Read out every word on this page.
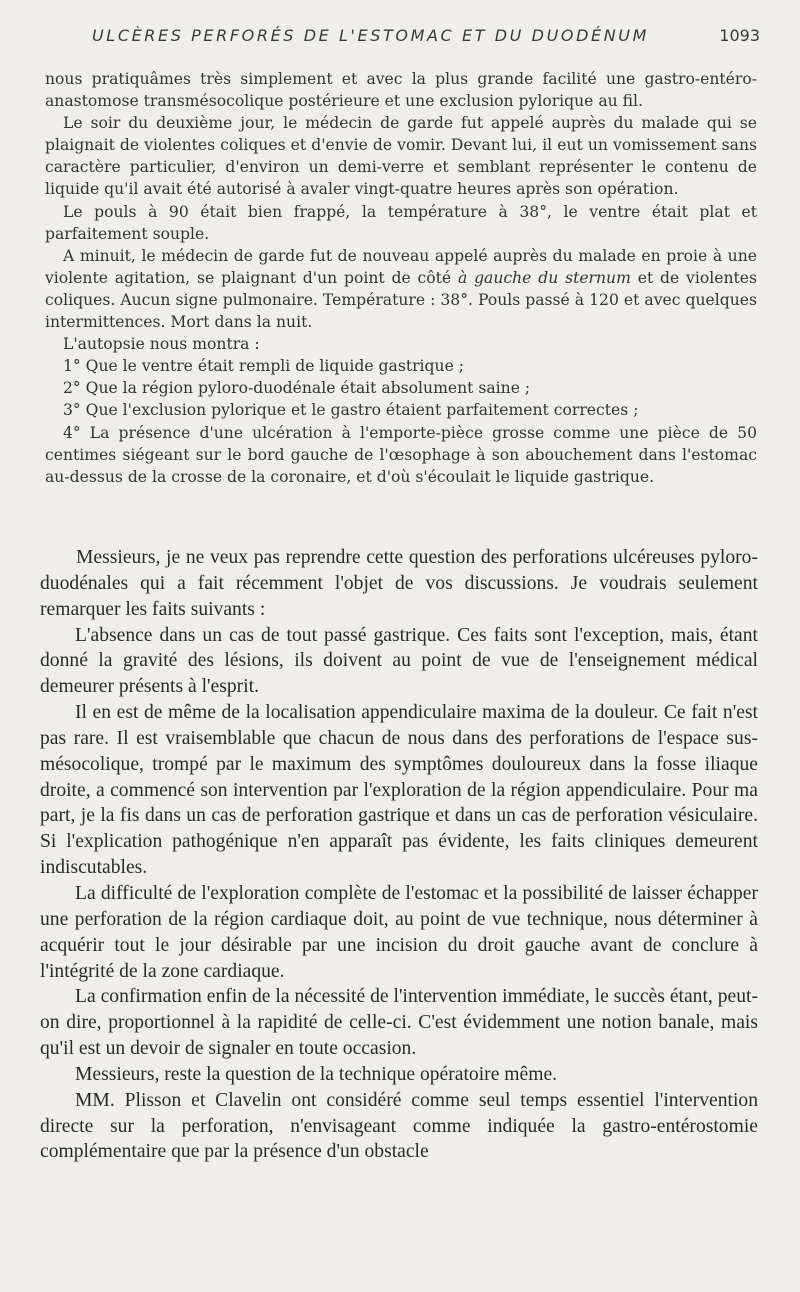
ULCÈRES PERFORÉS DE L'ESTOMAC ET DU DUODÉNUM	1093

nous pratiquâmes très simplement et avec la plus grande facilité une gastro-entéro-anastomose transmésocolique postérieure et une exclusion pylorique au fil.

Le soir du deuxième jour, le médecin de garde fut appelé auprès du malade qui se plaignait de violentes coliques et d'envie de vomir. Devant lui, il eut un vomissement sans caractère particulier, d'environ un demi-verre et semblant représenter le contenu de liquide qu'il avait été autorisé à avaler vingt-quatre heures après son opération.

Le pouls à 90 était bien frappé, la température à 38°, le ventre était plat et parfaitement souple.

A minuit, le médecin de garde fut de nouveau appelé auprès du malade en proie à une violente agitation, se plaignant d'un point de côté à gauche du sternum et de violentes coliques. Aucun signe pulmonaire. Température : 38°. Pouls passé à 120 et avec quelques intermittences. Mort dans la nuit.

L'autopsie nous montra :

1° Que le ventre était rempli de liquide gastrique ;

2° Que la région pyloro-duodénale était absolument saine ;

3° Que l'exclusion pylorique et le gastro étaient parfaitement correctes ;

4° La présence d'une ulcération à l'emporte-pièce grosse comme une pièce de 50 centimes siégeant sur le bord gauche de l'œsophage à son abouchement dans l'estomac au-dessus de la crosse de la coronaire, et d'où s'écoulait le liquide gastrique.

Messieurs, je ne veux pas reprendre cette question des perforations ulcéreuses pyloro-duodénales qui a fait récemment l'objet de vos discussions. Je voudrais seulement remarquer les faits suivants :

L'absence dans un cas de tout passé gastrique. Ces faits sont l'exception, mais, étant donné la gravité des lésions, ils doivent au point de vue de l'enseignement médical demeurer présents à l'esprit.

Il en est de même de la localisation appendiculaire maxima de la douleur. Ce fait n'est pas rare. Il est vraisemblable que chacun de nous dans des perforations de l'espace sus-mésocolique, trompé par le maximum des symptômes douloureux dans la fosse iliaque droite, a commencé son intervention par l'exploration de la région appendiculaire. Pour ma part, je la fis dans un cas de perforation gastrique et dans un cas de perforation vésiculaire. Si l'explication pathogénique n'en apparaît pas évidente, les faits cliniques demeurent indiscutables.

La difficulté de l'exploration complète de l'estomac et la possibilité de laisser échapper une perforation de la région cardiaque doit, au point de vue technique, nous déterminer à acquérir tout le jour désirable par une incision du droit gauche avant de conclure à l'intégrité de la zone cardiaque.

La confirmation enfin de la nécessité de l'intervention immédiate, le succès étant, peut-on dire, proportionnel à la rapidité de celle-ci. C'est évidemment une notion banale, mais qu'il est un devoir de signaler en toute occasion.

Messieurs, reste la question de la technique opératoire même.

MM. Plisson et Clavelin ont considéré comme seul temps essentiel l'intervention directe sur la perforation, n'envisageant comme indiquée la gastro-entérostomie complémentaire que par la présence d'un obstacle
